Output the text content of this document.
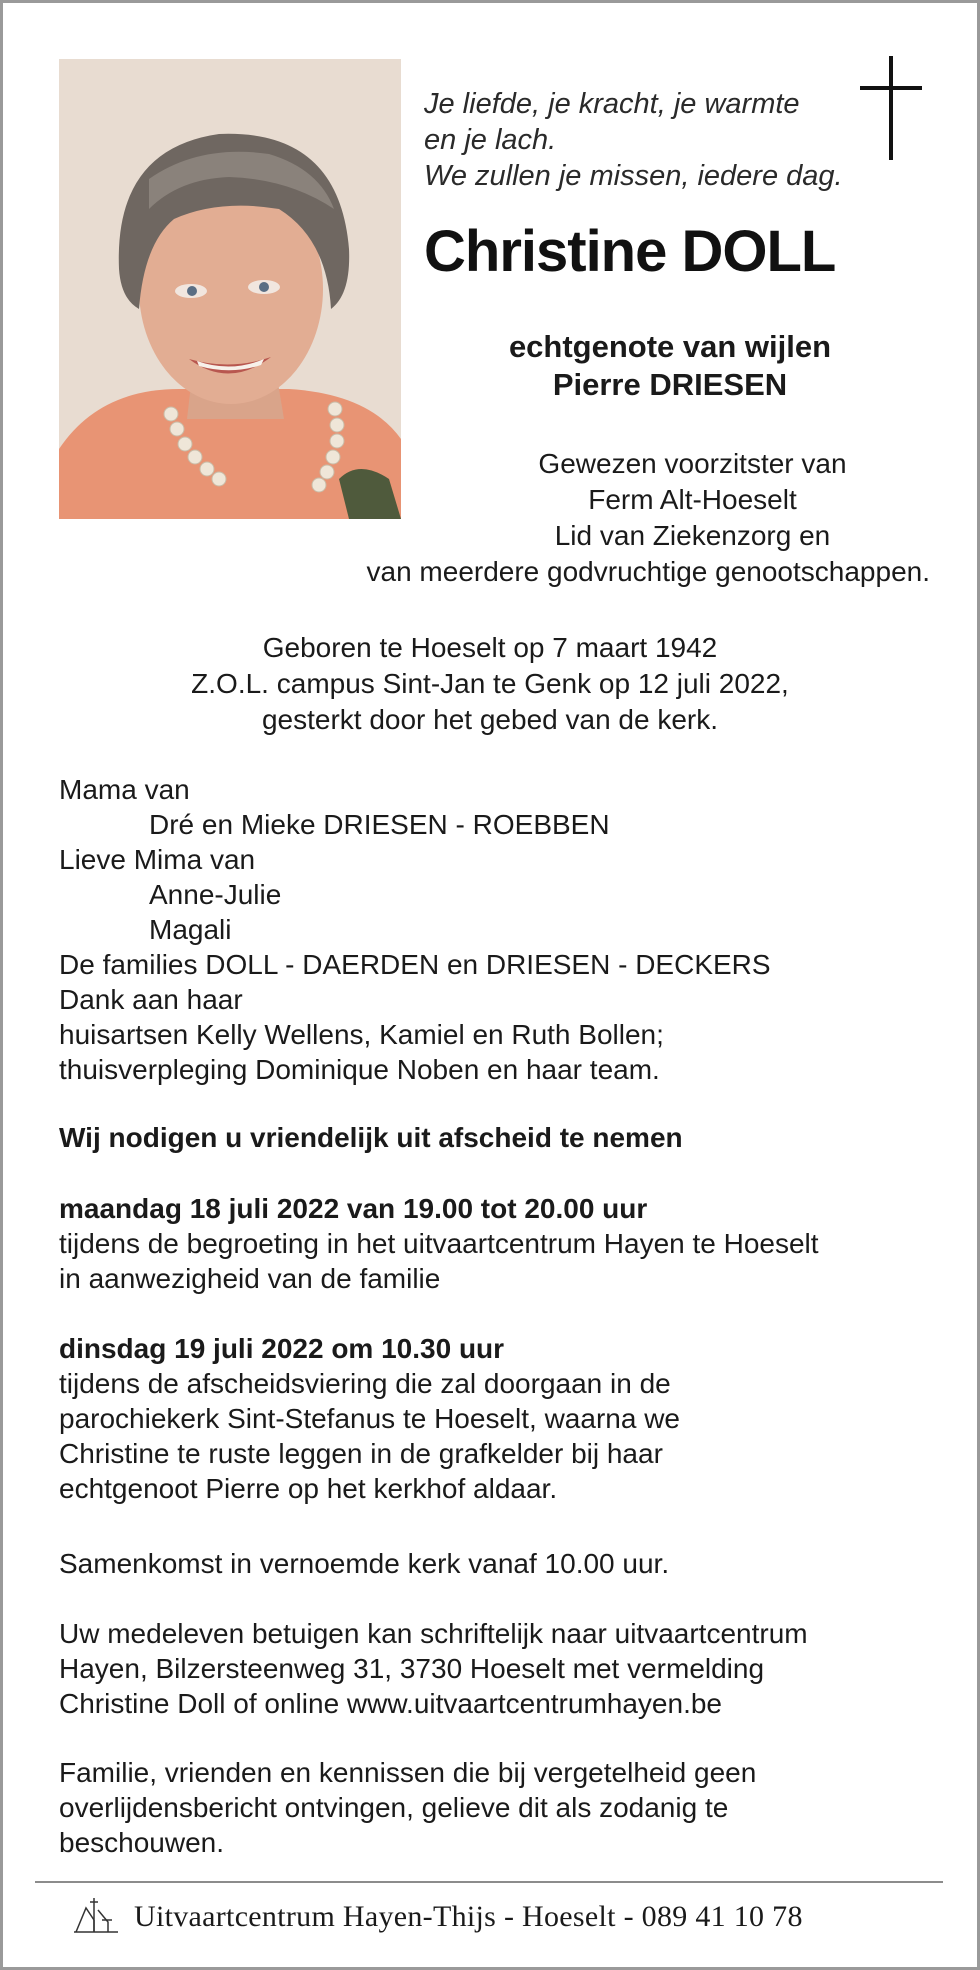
Je liefde, je kracht, je warmte
en je lach.
We zullen je missen, iedere dag.
Christine DOLL
echtgenote van wijlen
Pierre DRIESEN
Gewezen voorzitster van
Ferm Alt-Hoeselt
Lid van Ziekenzorg en
van meerdere godvruchtige genootschappen.
Geboren te Hoeselt op 7 maart 1942
Z.O.L. campus Sint-Jan te Genk op 12 juli 2022,
gesterkt door het gebed van de kerk.
Mama van
Dré en Mieke DRIESEN - ROEBBEN
Lieve Mima van
Anne-Julie
Magali
De families DOLL - DAERDEN en DRIESEN - DECKERS
Dank aan haar
huisartsen Kelly Wellens, Kamiel en Ruth Bollen;
thuisverpleging Dominique Noben en haar team.
Wij nodigen u vriendelijk uit afscheid te nemen
maandag 18 juli 2022 van 19.00 tot 20.00 uur
tijdens de begroeting in het uitvaartcentrum Hayen te Hoeselt
in aanwezigheid van de familie
dinsdag 19 juli 2022 om 10.30 uur
tijdens de afscheidsviering die zal doorgaan in de
parochiekerk Sint-Stefanus te Hoeselt, waarna we
Christine te ruste leggen in de grafkelder bij haar
echtgenoot Pierre op het kerkhof aldaar.
Samenkomst in vernoemde kerk vanaf 10.00 uur.
Uw medeleven betuigen kan schriftelijk naar uitvaartcentrum
Hayen, Bilzersteenweg 31, 3730 Hoeselt met vermelding
Christine Doll of online www.uitvaartcentrumhayen.be
Familie, vrienden en kennissen die bij vergetelheid geen
overlijdensbericht ontvingen, gelieve dit als zodanig te
beschouwen.
Uitvaartcentrum Hayen-Thijs - Hoeselt - 089 41 10 78
